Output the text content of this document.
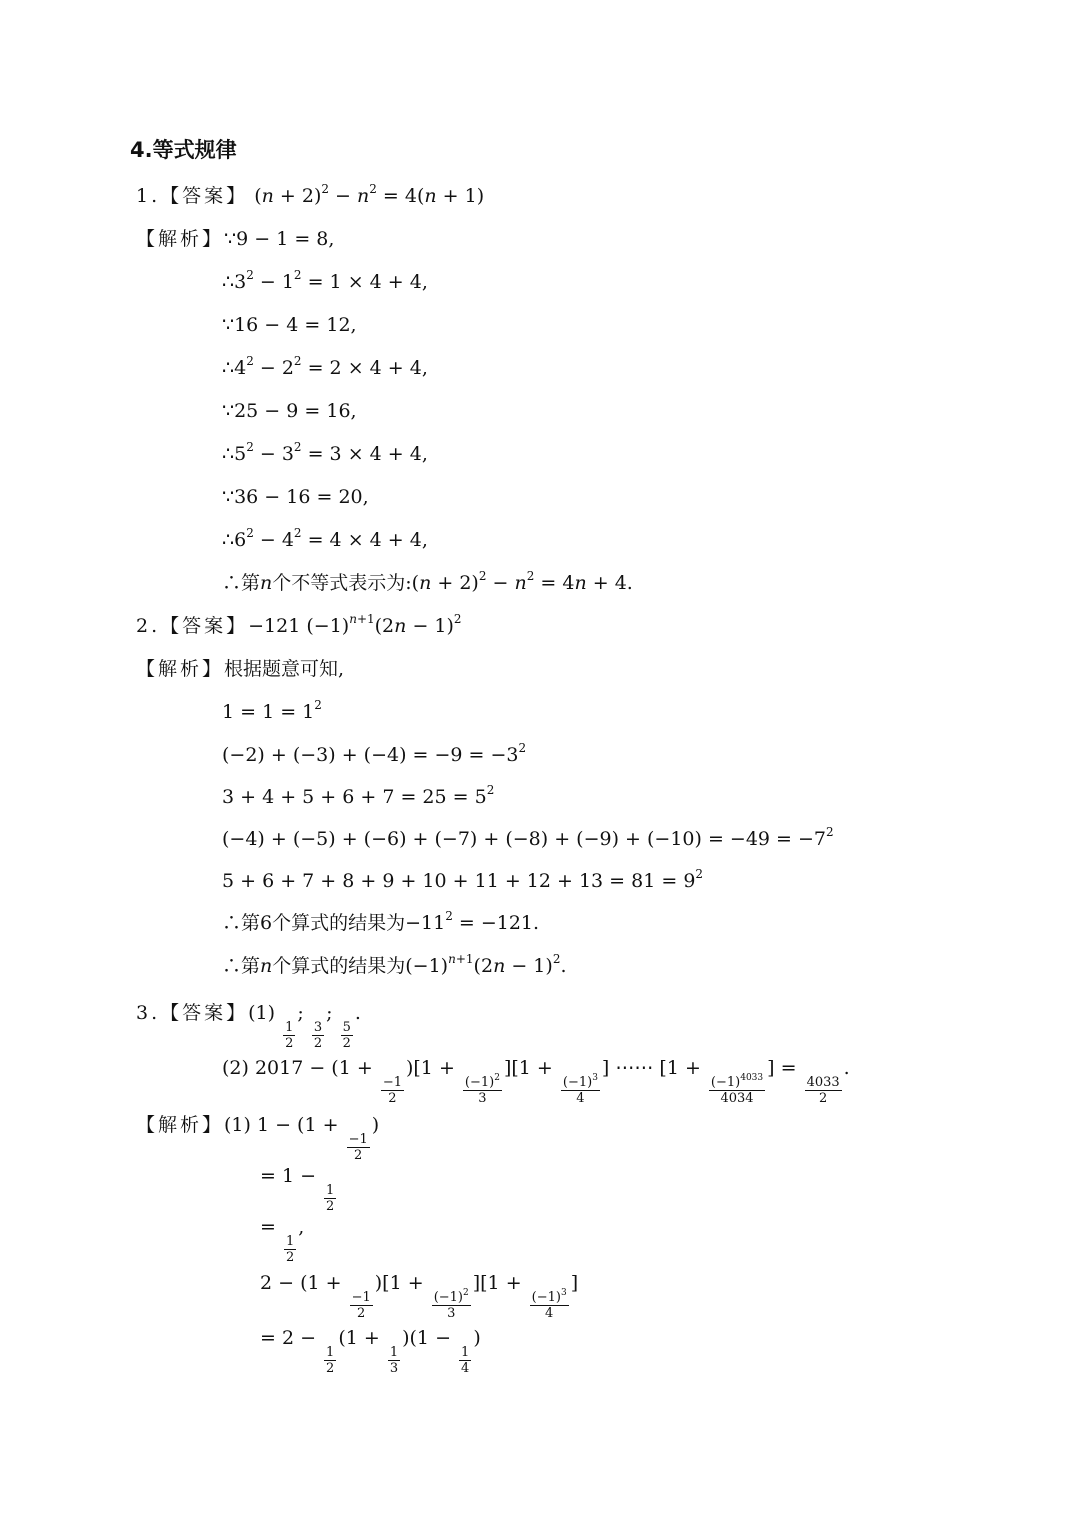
4.等式规律
1.【答案】 $(n + 2)^2 - n^2 = 4(n + 1)$
【解析】∵9 − 1 = 8,
$\therefore 3^2 - 1^2 = 1 \times 4 + 4$,
∵16 − 4 = 12,
$\therefore 4^2 - 2^2 = 2 \times 4 + 4$,
∵25 − 9 = 16,
$\therefore 5^2 - 3^2 = 3 \times 4 + 4$,
∵36 − 16 = 20,
$\therefore 6^2 - 4^2 = 4 \times 4 + 4$,
∴第n个不等式表示为:(n + $2)^2 - n^2 = 4n + 4$.
2.【答案】−121 $(-1)^{n+1}(2n - 1)^2$
【解析】根据题意可知,
$1 = 1 = 1^2$
$(-2) + (-3) + (-4) = -9 = -3^2$
$3 + 4 + 5 + 6 + 7 = 25 = 5^2$
$(-4) + (-5) + (-6) + (-7) + (-8) + (-9) + (-10) = -49 = -7^2$
$5 + 6 + 7 + 8 + 9 + 10 + 11 + 12 + 13 = 81 = 9^2$
∴第6个算式的结果为$-11^2 = -121$.
∴第n个算式的结果为$(-1)^{n+1}(2n - 1)^2$.
3.【答案】(1)
$\frac{1}{2}$
;
$\frac{3}{2}$
;
$\frac{5}{2}$
.
(2) 2017 − (1 +
$\frac{-1}{2}$
)[1 +
$\frac{(-1)^2}{3}$
][1 +
$\frac{(-1)^3}{4}$
] ⋯⋯ [1 +
$\frac{(-1)^{4033}}{4034}$
] =
$\frac{4033}{2}$
.
【解析】(1) 1 − (1 +
$\frac{-1}{2}$
)
= 1 −
$\frac{1}{2}$
=
$\frac{1}{2}$
,
2 − (1 +
$\frac{-1}{2}$
)[1 +
$\frac{(-1)^2}{3}$
][1 +
$\frac{(-1)^3}{4}$
]
= 2 −
$\frac{1}{2}$
(1 +
$\frac{1}{3}$
)(1 −
$\frac{1}{4}$
)
